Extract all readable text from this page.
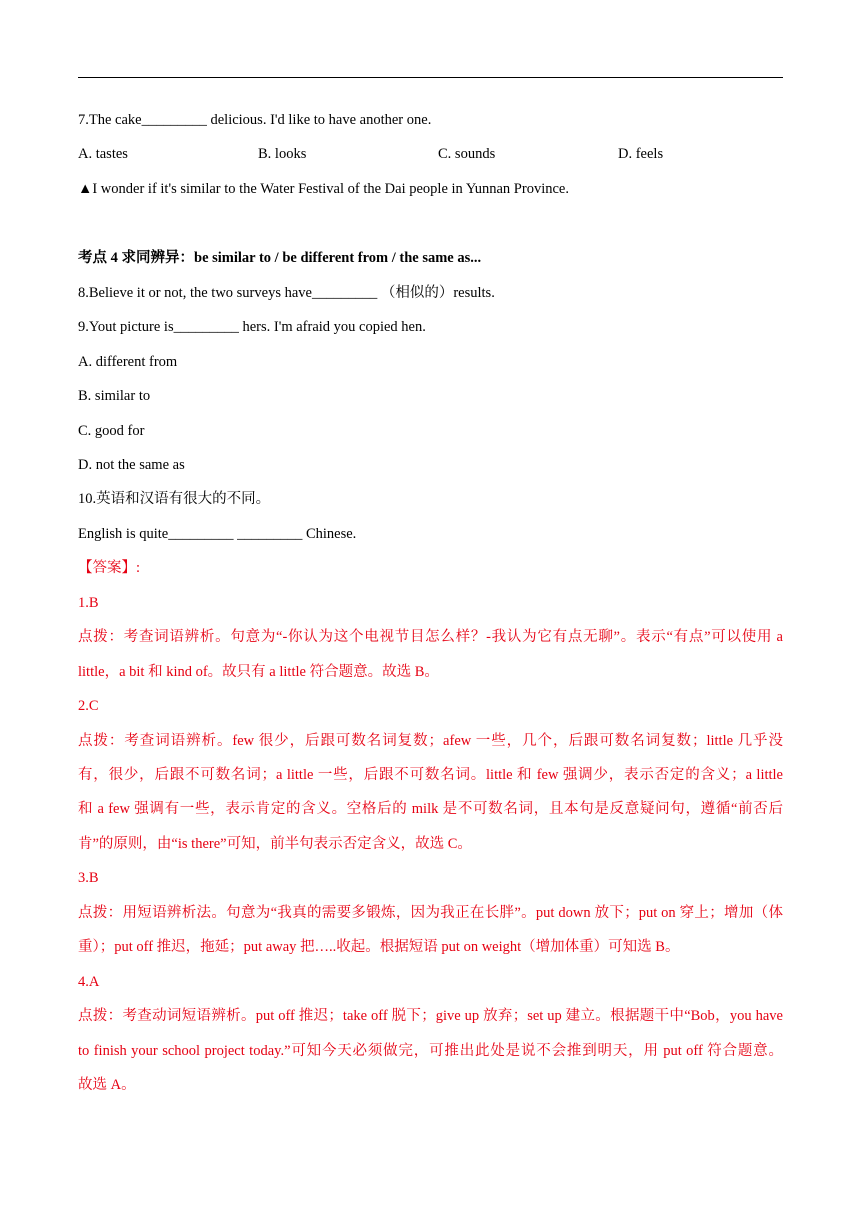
7.The cake_________ delicious. I'd like to have another one.
A. tastes	B. looks	C. sounds	D. feels
▲I wonder if it's similar to the Water Festival of the Dai people in Yunnan Province.
考点 4 求同辨异：be similar to / be different from / the same as...
8.Believe it or not, the two surveys have_________ （相似的）results.
9.Yout picture is_________ hers. I'm afraid you copied hen.
A. different from
B. similar to
C. good for
D. not the same as
10.英语和汉语有很大的不同。
English is quite_________ _________ Chinese.
【答案】:
1.B
点拨：考查词语辨析。句意为“-你认为这个电视节目怎么样？-我认为它有点无聊”。表示“有点”可以使用 a
little，a bit 和 kind of。故只有 a little 符合题意。故选 B。
2.C
点拨：考查词语辨析。few 很少，后跟可数名词复数；afew 一些，几个，后跟可数名词复数；little 几乎没
有，很少，后跟不可数名词；a little 一些，后跟不可数名词。little 和 few 强调少，表示否定的含义；a little
和 a few 强调有一些，表示肯定的含义。空格后的 milk 是不可数名词，且本句是反意疑问句，遵循“前否后
肯”的原则，由“is there”可知，前半句表示否定含义，故选 C。
3.B
点拨：用短语辨析法。句意为“我真的需要多锻炼，因为我正在长胖”。put down 放下；put on 穿上；增加（体
重）；put off 推迟，拖延；put away 把…..收起。根据短语 put on weight（增加体重）可知选 B。
4.A
点拨：考查动词短语辨析。put off 推迟；take off 脱下；give up 放弃；set up 建立。根据题干中“Bob，you have
to finish your school project today.”可知今天必须做完，可推出此处是说不会推到明天，用 put off 符合题意。
故选 A。
